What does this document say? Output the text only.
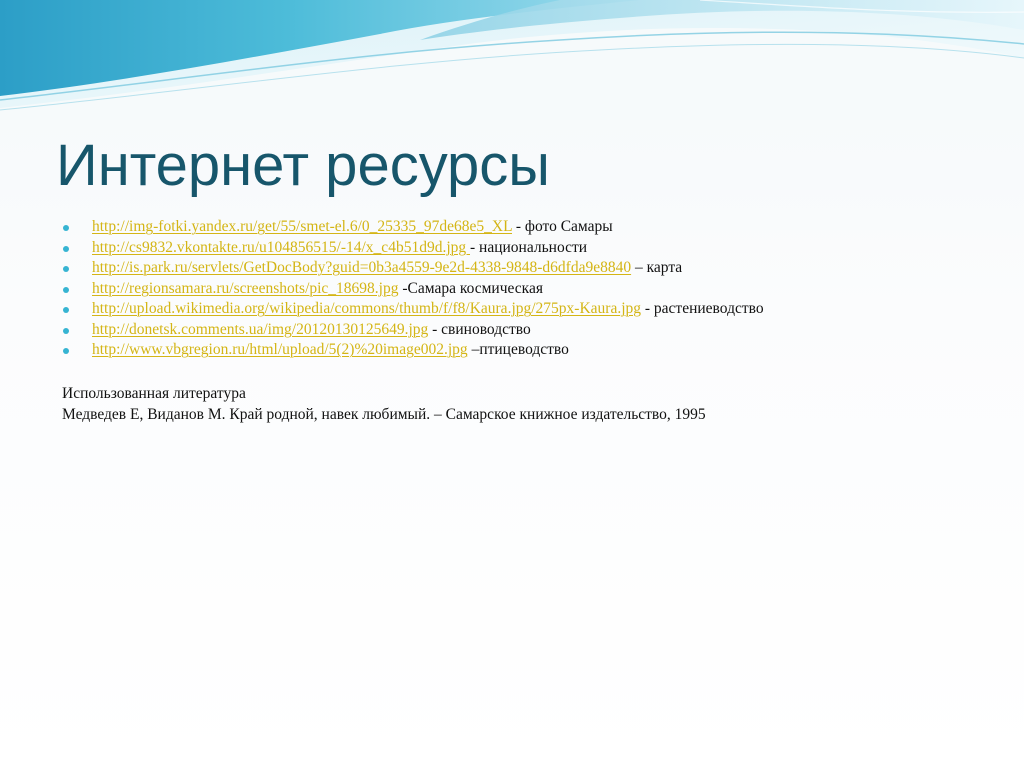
Интернет ресурсы
http://img-fotki.yandex.ru/get/55/smet-el.6/0_25335_97de68e5_XL - фото Самары
http://cs9832.vkontakte.ru/u104856515/-14/x_c4b51d9d.jpg - национальности
http://is.park.ru/servlets/GetDocBody?guid=0b3a4559-9e2d-4338-9848-d6dfda9e8840 – карта
http://regionsamara.ru/screenshots/pic_18698.jpg -Самара космическая
http://upload.wikimedia.org/wikipedia/commons/thumb/f/f8/Kaura.jpg/275px-Kaura.jpg - растениеводство
http://donetsk.comments.ua/img/20120130125649.jpg - свиноводство
http://www.vbgregion.ru/html/upload/5(2)%20image002.jpg –птицеводство
Использованная литература
Медведев Е, Виданов М. Край родной, навек любимый. – Самарское книжное издательство, 1995
